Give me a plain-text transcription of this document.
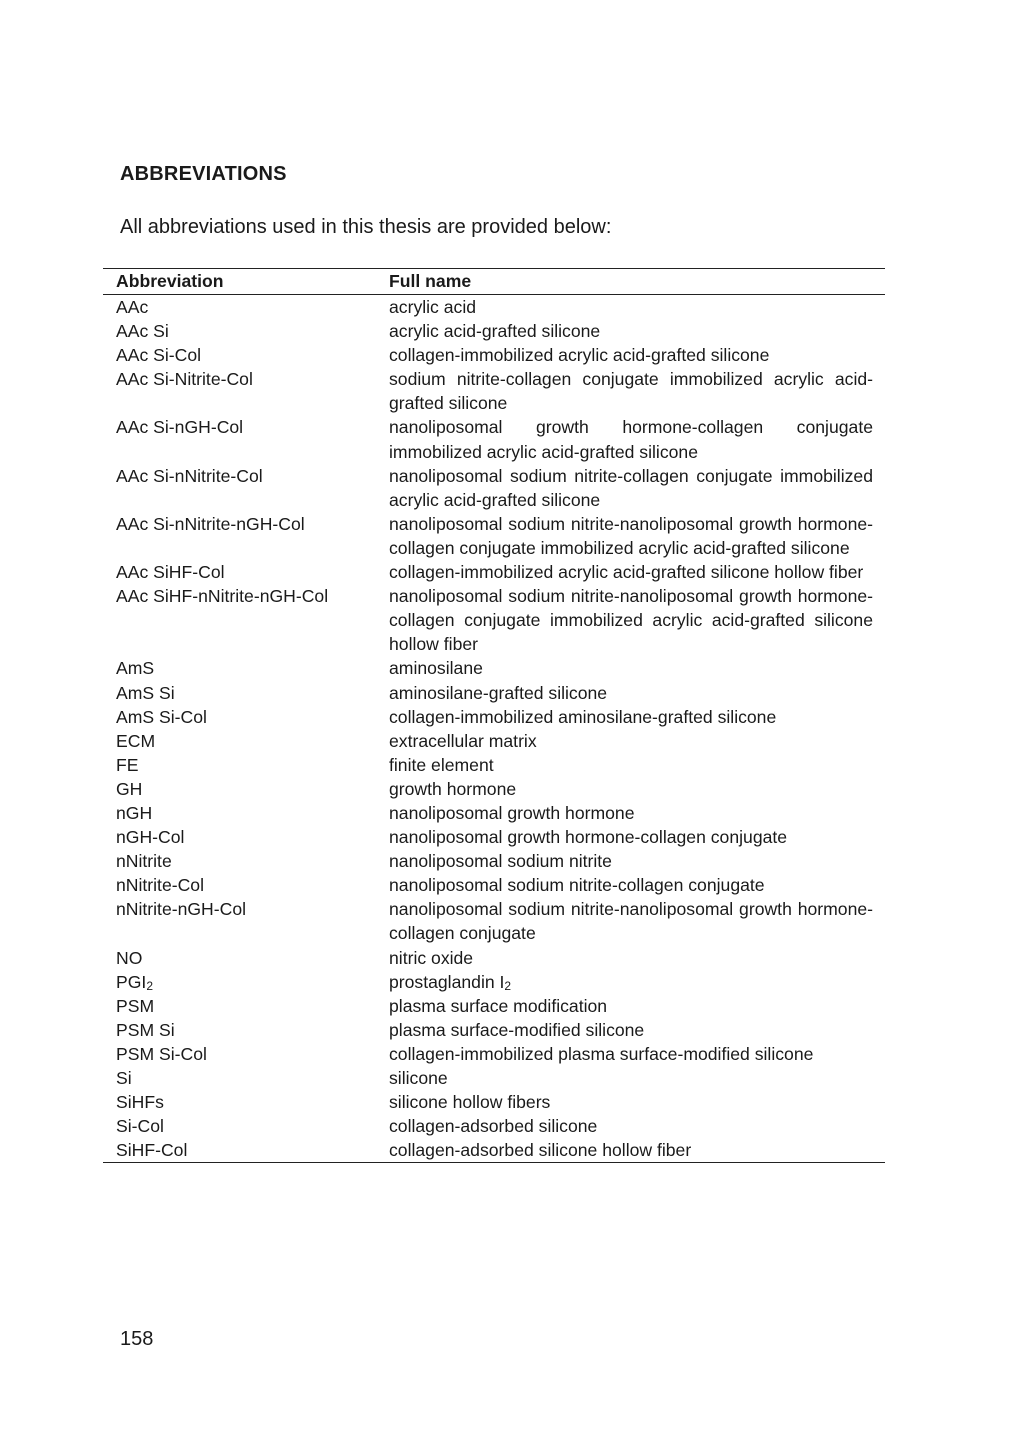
ABBREVIATIONS
All abbreviations used in this thesis are provided below:
Abbreviation	Full name
AAc	acrylic acid
AAc Si	acrylic acid-grafted silicone
AAc Si-Col	collagen-immobilized acrylic acid-grafted silicone
AAc Si-Nitrite-Col	sodium nitrite-collagen conjugate immobilized acrylic acid-grafted silicone
AAc Si-nGH-Col	nanoliposomal growth hormone-collagen conjugate immobilized acrylic acid-grafted silicone
AAc Si-nNitrite-Col	nanoliposomal sodium nitrite-collagen conjugate immobilized acrylic acid-grafted silicone
AAc Si-nNitrite-nGH-Col	nanoliposomal sodium nitrite-nanoliposomal growth hormone-collagen conjugate immobilized acrylic acid-grafted silicone
AAc SiHF-Col	collagen-immobilized acrylic acid-grafted silicone hollow fiber
AAc SiHF-nNitrite-nGH-Col	nanoliposomal sodium nitrite-nanoliposomal growth hormone-collagen conjugate immobilized acrylic acid-grafted silicone hollow fiber
AmS	aminosilane
AmS Si	aminosilane-grafted silicone
AmS Si-Col	collagen-immobilized aminosilane-grafted silicone
ECM	extracellular matrix
FE	finite element
GH	growth hormone
nGH	nanoliposomal growth hormone
nGH-Col	nanoliposomal growth hormone-collagen conjugate
nNitrite	nanoliposomal sodium nitrite
nNitrite-Col	nanoliposomal sodium nitrite-collagen conjugate
nNitrite-nGH-Col	nanoliposomal sodium nitrite-nanoliposomal growth hormone-collagen conjugate
NO	nitric oxide
$PGI_2$	prostaglandin $I_2$
PSM	plasma surface modification
PSM Si	plasma surface-modified silicone
PSM Si-Col	collagen-immobilized plasma surface-modified silicone
Si	silicone
SiHFs	silicone hollow fibers
Si-Col	collagen-adsorbed silicone
SiHF-Col	collagen-adsorbed silicone hollow fiber
158
